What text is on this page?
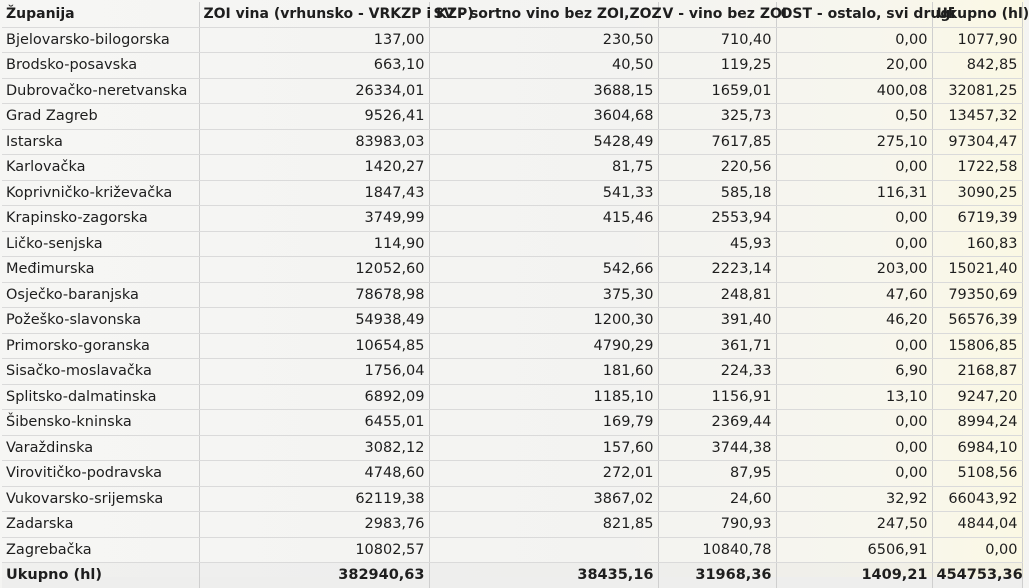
Županija	ZOI vina (vrhunsko - VRKZP i KZP)	SV - sortno vino bez ZOI,ZOZ	V - vino bez ZOI	OST - ostalo, svi drugi	Ukupno (hl)
Bjelovarsko-bilogorska	137,00	230,50	710,40	0,00	1077,90
Brodsko-posavska	663,10	40,50	119,25	20,00	842,85
Dubrovačko-neretvanska	26334,01	3688,15	1659,01	400,08	32081,25
Grad Zagreb	9526,41	3604,68	325,73	0,50	13457,32
Istarska	83983,03	5428,49	7617,85	275,10	97304,47
Karlovačka	1420,27	81,75	220,56	0,00	1722,58
Koprivničko-križevačka	1847,43	541,33	585,18	116,31	3090,25
Krapinsko-zagorska	3749,99	415,46	2553,94	0,00	6719,39
Ličko-senjska	114,90		45,93	0,00	160,83
Međimurska	12052,60	542,66	2223,14	203,00	15021,40
Osječko-baranjska	78678,98	375,30	248,81	47,60	79350,69
Požeško-slavonska	54938,49	1200,30	391,40	46,20	56576,39
Primorsko-goranska	10654,85	4790,29	361,71	0,00	15806,85
Sisačko-moslavačka	1756,04	181,60	224,33	6,90	2168,87
Splitsko-dalmatinska	6892,09	1185,10	1156,91	13,10	9247,20
Šibensko-kninska	6455,01	169,79	2369,44	0,00	8994,24
Varaždinska	3082,12	157,60	3744,38	0,00	6984,10
Virovitičko-podravska	4748,60	272,01	87,95	0,00	5108,56
Vukovarsko-srijemska	62119,38	3867,02	24,60	32,92	66043,92
Zadarska	2983,76	821,85	790,93	247,50	4844,04
Zagrebačka	10802,57		10840,78	6506,91	0,00
Ukupno (hl)	382940,63	38435,16	31968,36	1409,21	454753,36
